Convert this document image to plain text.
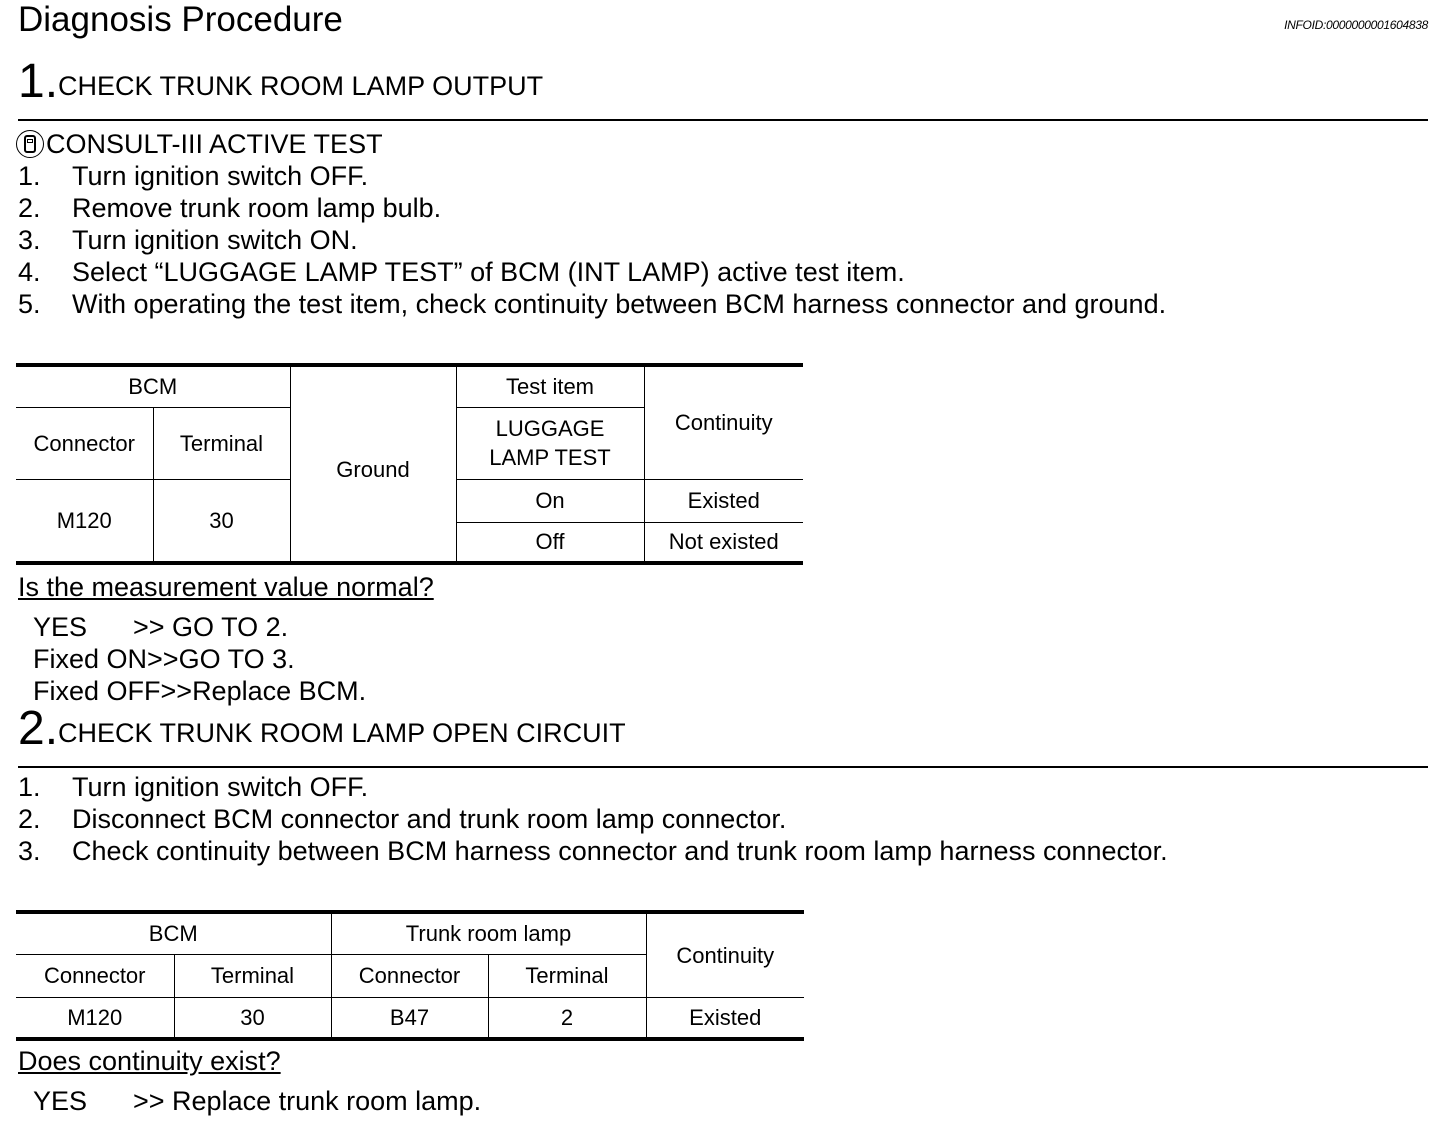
Diagnosis Procedure	INFOID:0000000001604838
1.CHECK TRUNK ROOM LAMP OUTPUT
CONSULT-III ACTIVE TEST
1. Turn ignition switch OFF.
2. Remove trunk room lamp bulb.
3. Turn ignition switch ON.
4. Select “LUGGAGE LAMP TEST” of BCM (INT LAMP) active test item.
5. With operating the test item, check continuity between BCM harness connector and ground.
BCM		Ground	Test item	Continuity
Connector	Terminal		LUGGAGE
LAMP TEST	
M120	30		On	Existed
			Off	Not existed
Is the measurement value normal?
YES >> GO TO 2.
Fixed ON>>GO TO 3.
Fixed OFF>>Replace BCM.
2.CHECK TRUNK ROOM LAMP OPEN CIRCUIT
1. Turn ignition switch OFF.
2. Disconnect BCM connector and trunk room lamp connector.
3. Check continuity between BCM harness connector and trunk room lamp harness connector.
BCM		Trunk room lamp		Continuity
Connector	Terminal	Connector	Terminal	
M120	30	B47	2	Existed
Does continuity exist?
YES >> Replace trunk room lamp.
